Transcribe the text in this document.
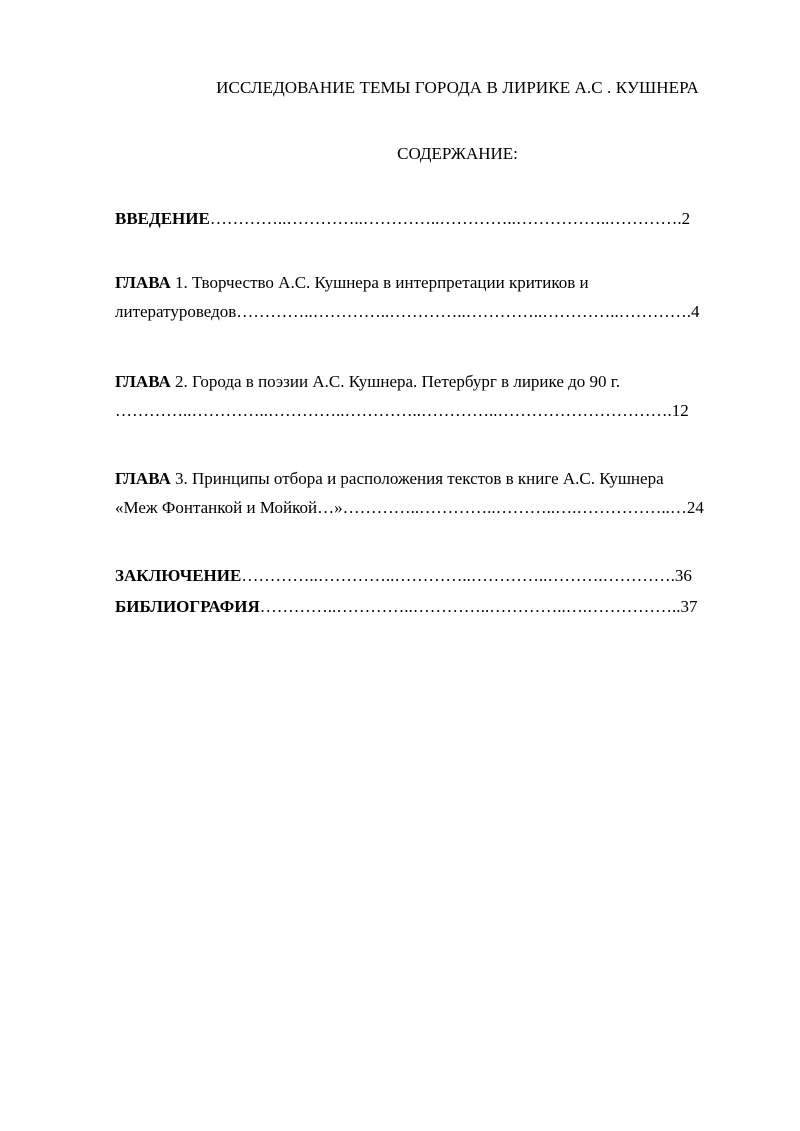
ИССЛЕДОВАНИЕ ТЕМЫ ГОРОДА В ЛИРИКЕ А.С . КУШНЕРА
СОДЕРЖАНИЕ:
ВВЕДЕНИЕ…………..…………..…………..…………..……………..………….2
ГЛАВА 1. Творчество А.С. Кушнера в интерпретации критиков и
литературоведов…………..…………..…………..…………..…………..………….4
ГЛАВА 2. Города в поэзии А.С. Кушнера. Петербург в лирике до 90 г.
…………..…………..…………..…………..…………..………………………….12
ГЛАВА 3. Принципы отбора и расположения текстов в книге А.С. Кушнера
«Меж Фонтанкой и Мойкой…»…………..…………..………..….……………..…24
ЗАКЛЮЧЕНИЕ…………..…………..…………..…………..……….………….36
БИБЛИОГРАФИЯ…………..…………..…………..…………..….……………..37
